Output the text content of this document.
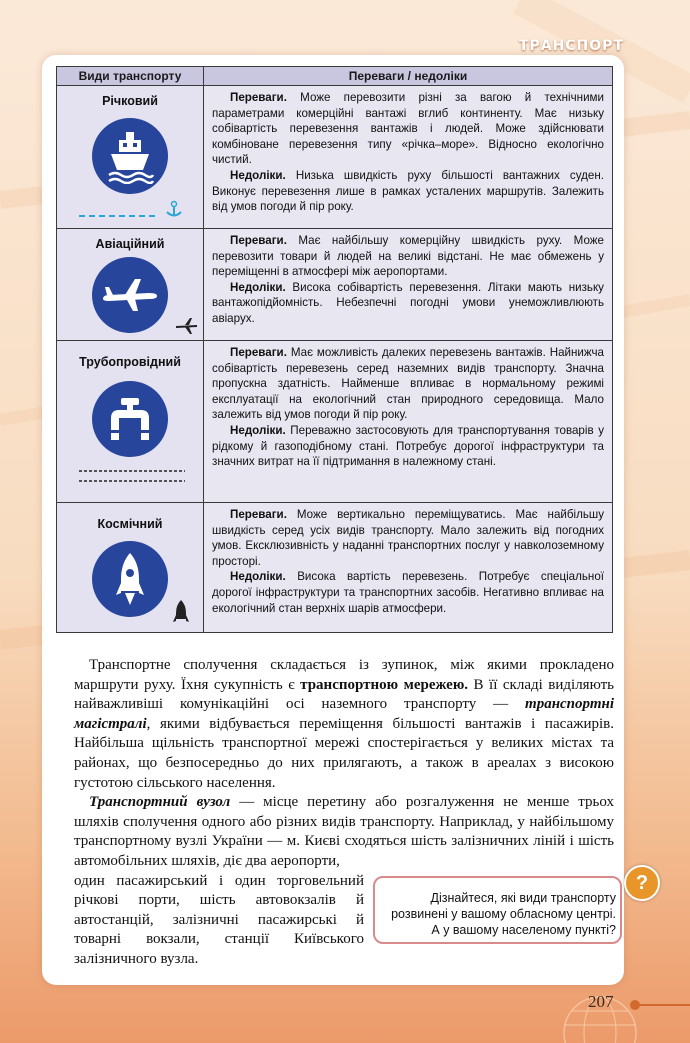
ТРАНСПОРТ
Види транспорту	Переваги / недоліки

Річковий	Переваги. Може перевозити різні за вагою й технічними параметрами комерційні вантажі вглиб континенту. Має низьку собівартість перевезення вантажів і людей. Може здійснювати комбіноване перевезення типу «річка–море». Відносно екологічно чистий.

Недоліки. Низька швидкість руху більшості вантажних суден. Виконує перевезення лише в рамках усталених маршрутів. Залежить від умов погоди й пір року.

Авіаційний	Переваги. Має найбільшу комерційну швидкість руху. Може перевозити товари й людей на великі відстані. Не має обмежень у переміщенні в атмосфері між аеропортами.

Недоліки. Висока собівартість перевезення. Літаки мають низьку вантажопідйомність. Небезпечні погодні умови унеможливлюють авіарух.

Трубопровідний	Переваги. Має можливість далеких перевезень вантажів. Найнижча собівартість перевезень серед наземних видів транспорту. Значна пропускна здатність. Найменше впливає в нормальному режимі експлуатації на екологічний стан природного середовища. Мало залежить від умов погоди й пір року.

Недоліки. Переважно застосовують для транспортування товарів у рідкому й газоподібному стані. Потребує дорогої інфраструктури та значних витрат на її підтримання в належному стані.

Космічний	Переваги. Може вертикально переміщуватись. Має найбільшу швидкість серед усіх видів транспорту. Мало залежить від погодних умов. Ексклюзивність у наданні транспортних послуг у навколоземному просторі.

Недоліки. Висока вартість перевезень. Потребує спеціальної дорогої інфраструктури та транспортних засобів. Негативно впливає на екологічний стан верхніх шарів атмосфери.

Транспортне сполучення складається із зупинок, між якими прокладено маршрути руху. Їхня сукупність є транспортною мережею. В її складі виділяють найважливіші комунікаційні осі наземного транспорту — транспортні магістралі, якими відбувається переміщення більшості вантажів і пасажирів. Найбільша щільність транспортної мережі спостерігається у великих містах та районах, що безпосередньо до них прилягають, а також в ареалах з високою густотою сільського населення.

Транспортний вузол — місце перетину або розгалуження не менше трьох шляхів сполучення одного або різних видів транспорту. Наприклад, у найбільшому транспортному вузлі України — м. Києві сходяться шість залізничних ліній і шість автомобільних шляхів, діє два аеропорти,

один пасажирський і один торговельний річкові порти, шість автовокзалів й автостанцій, залізничні пасажирські й товарні вокзали, станції Київського залізничного вузла.

Дізнайтеся, які види транспорту розвинені у вашому обласному центрі. А у вашому населеному пункті?
?
207
